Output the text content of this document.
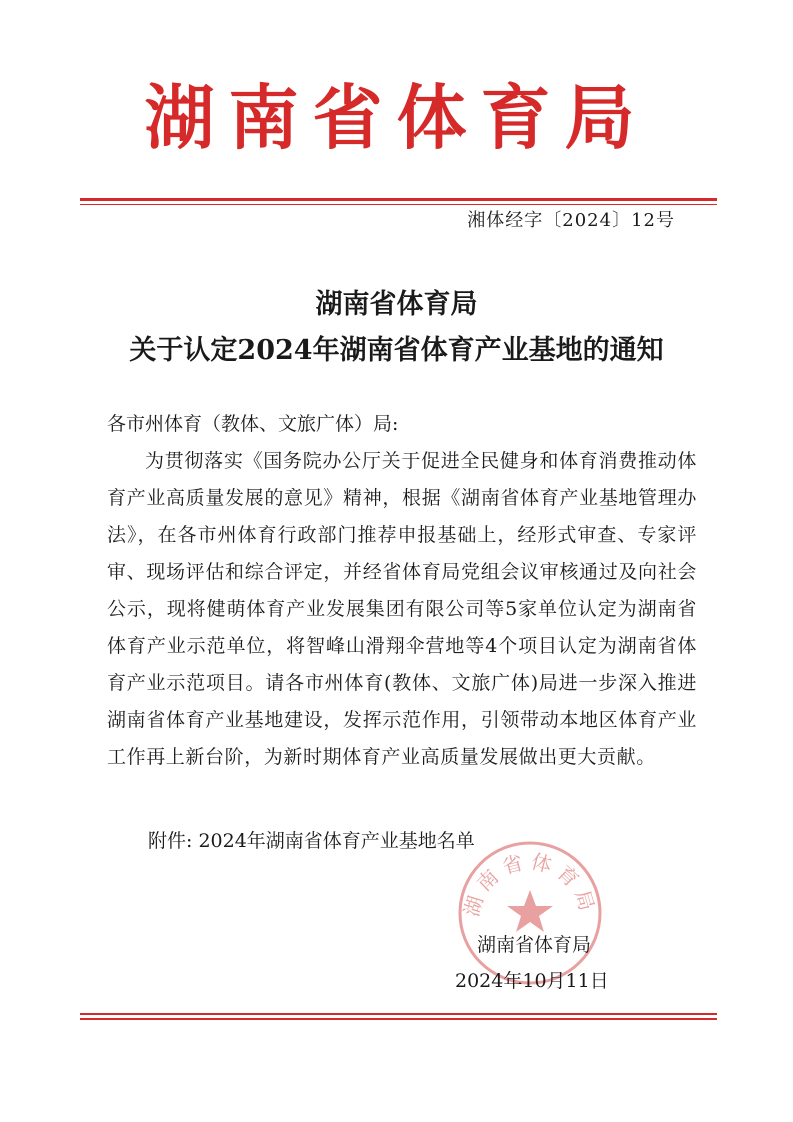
湖南省体育局
湘体经字〔2024〕12号
湖南省体育局
关于认定2024年湖南省体育产业基地的通知
各市州体育（教体、文旅广体）局:
为贯彻落实《国务院办公厅关于促进全民健身和体育消费推动体育产业高质量发展的意见》精神，根据《湖南省体育产业基地管理办法》，在各市州体育行政部门推荐申报基础上，经形式审查、专家评审、现场评估和综合评定，并经省体育局党组会议审核通过及向社会公示，现将健萌体育产业发展集团有限公司等5家单位认定为湖南省体育产业示范单位，将智峰山滑翔伞营地等4个项目认定为湖南省体育产业示范项目。请各市州体育(教体、文旅广体)局进一步深入推进湖南省体育产业基地建设，发挥示范作用，引领带动本地区体育产业工作再上新台阶，为新时期体育产业高质量发展做出更大贡献。
附件: 2024年湖南省体育产业基地名单
湖南省体育局
湖南省体育局
2024年10月11日
